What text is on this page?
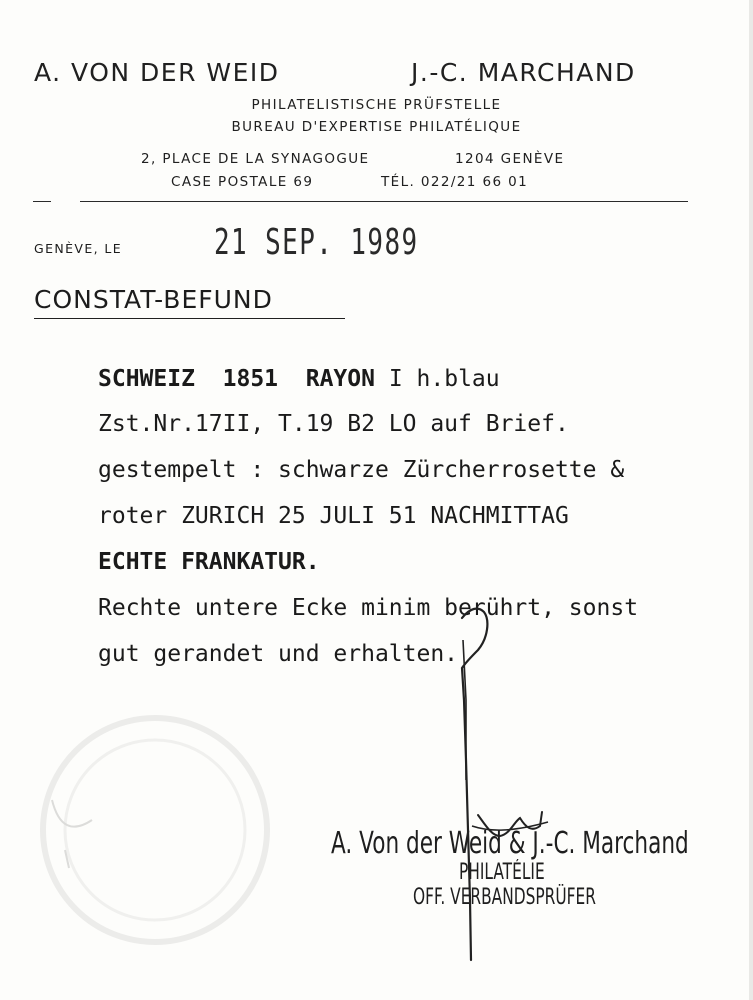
A. VON DER WEID	J.-C. MARCHAND
PHILATELISTISCHE PRÜFSTELLE
BUREAU D'EXPERTISE PHILATÉLIQUE
2, PLACE DE LA SYNAGOGUE	1204 GENÈVE
CASE POSTALE 69	TÉL. 022/21 66 01
GENÈVE, LE	21 SEP. 1989
CONSTAT-BEFUND
SCHWEIZ 1851 RAYON I h.blau
Zst.Nr.17II, T.19 B2 LO auf Brief.
gestempelt : schwarze Zürcherrosette &
roter ZURICH 25 JULI 51 NACHMITTAG
ECHTE FRANKATUR.
Rechte untere Ecke minim berührt, sonst
gut gerandet und erhalten.
A. Von der Weid & J.-C. Marchand
PHILATÉLIE
OFF. VERBANDSPRÜFER
